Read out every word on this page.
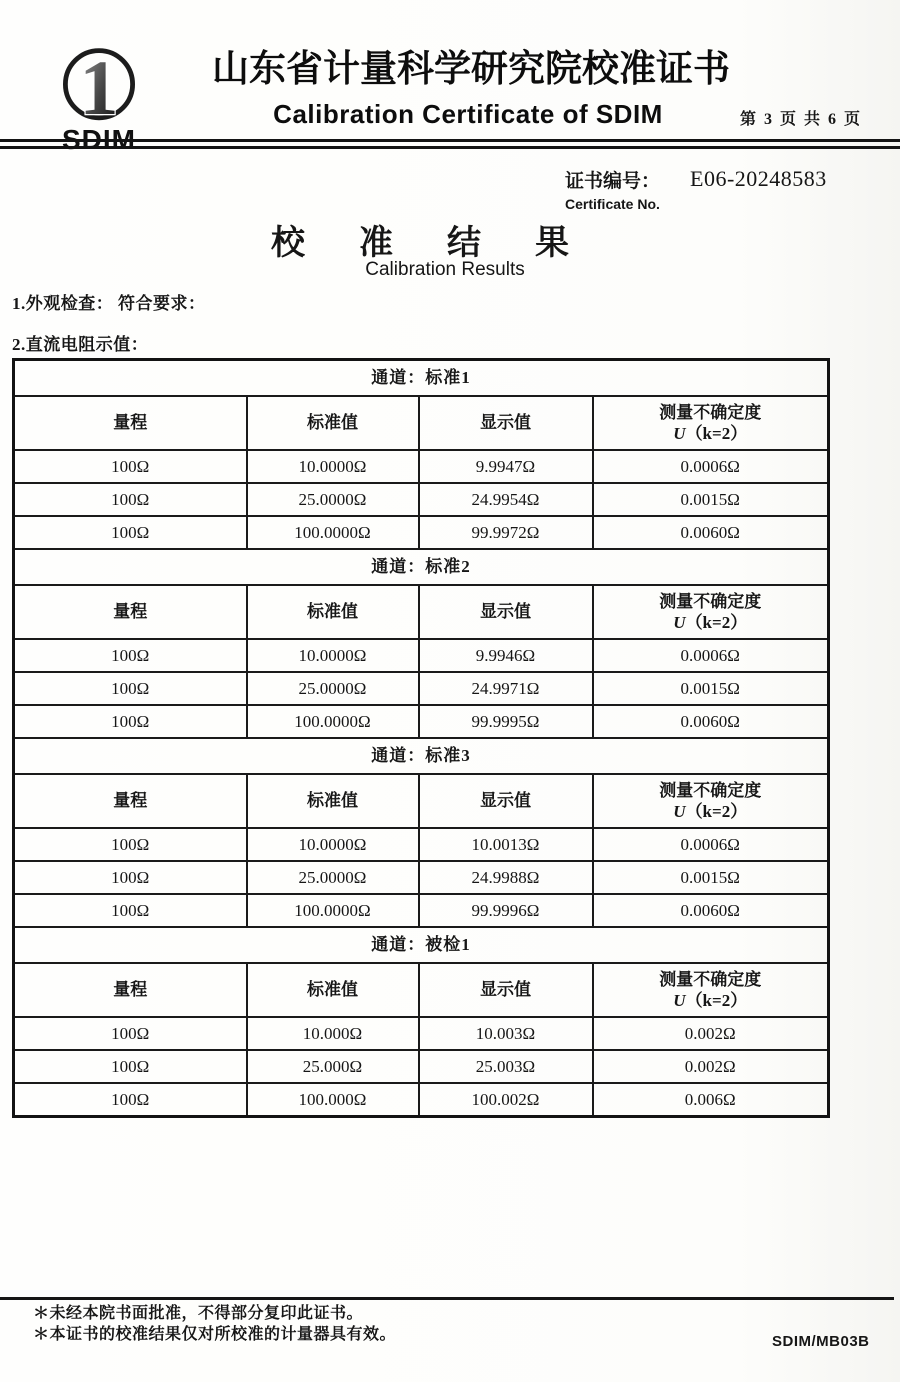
1
SDIM
山东省计量科学研究院校准证书
Calibration Certificate of SDIM	第 3 页 共 6 页
证书编号：
Certificate No.
E06-20248583
校准结果
Calibration Results
1.外观检查： 符合要求：
2.直流电阻示值：
通道：标准1			
量程	标准值	显示值	测量不确定度
U（k=2）

100Ω	10.0000Ω	9.9947Ω	0.0006Ω
100Ω	25.0000Ω	24.9954Ω	0.0015Ω
100Ω	100.0000Ω	99.9972Ω	0.0060Ω
通道：标准2			
量程	标准值	显示值	测量不确定度
U（k=2）

100Ω	10.0000Ω	9.9946Ω	0.0006Ω
100Ω	25.0000Ω	24.9971Ω	0.0015Ω
100Ω	100.0000Ω	99.9995Ω	0.0060Ω
通道：标准3			
量程	标准值	显示值	测量不确定度
U（k=2）

100Ω	10.0000Ω	10.0013Ω	0.0006Ω
100Ω	25.0000Ω	24.9988Ω	0.0015Ω
100Ω	100.0000Ω	99.9996Ω	0.0060Ω
通道：被检1			
量程	标准值	显示值	测量不确定度
U（k=2）

100Ω	10.000Ω	10.003Ω	0.002Ω
100Ω	25.000Ω	25.003Ω	0.002Ω
100Ω	100.000Ω	100.002Ω	0.006Ω
＊未经本院书面批准，不得部分复印此证书。
＊本证书的校准结果仅对所校准的计量器具有效。	SDIM/MB03B
